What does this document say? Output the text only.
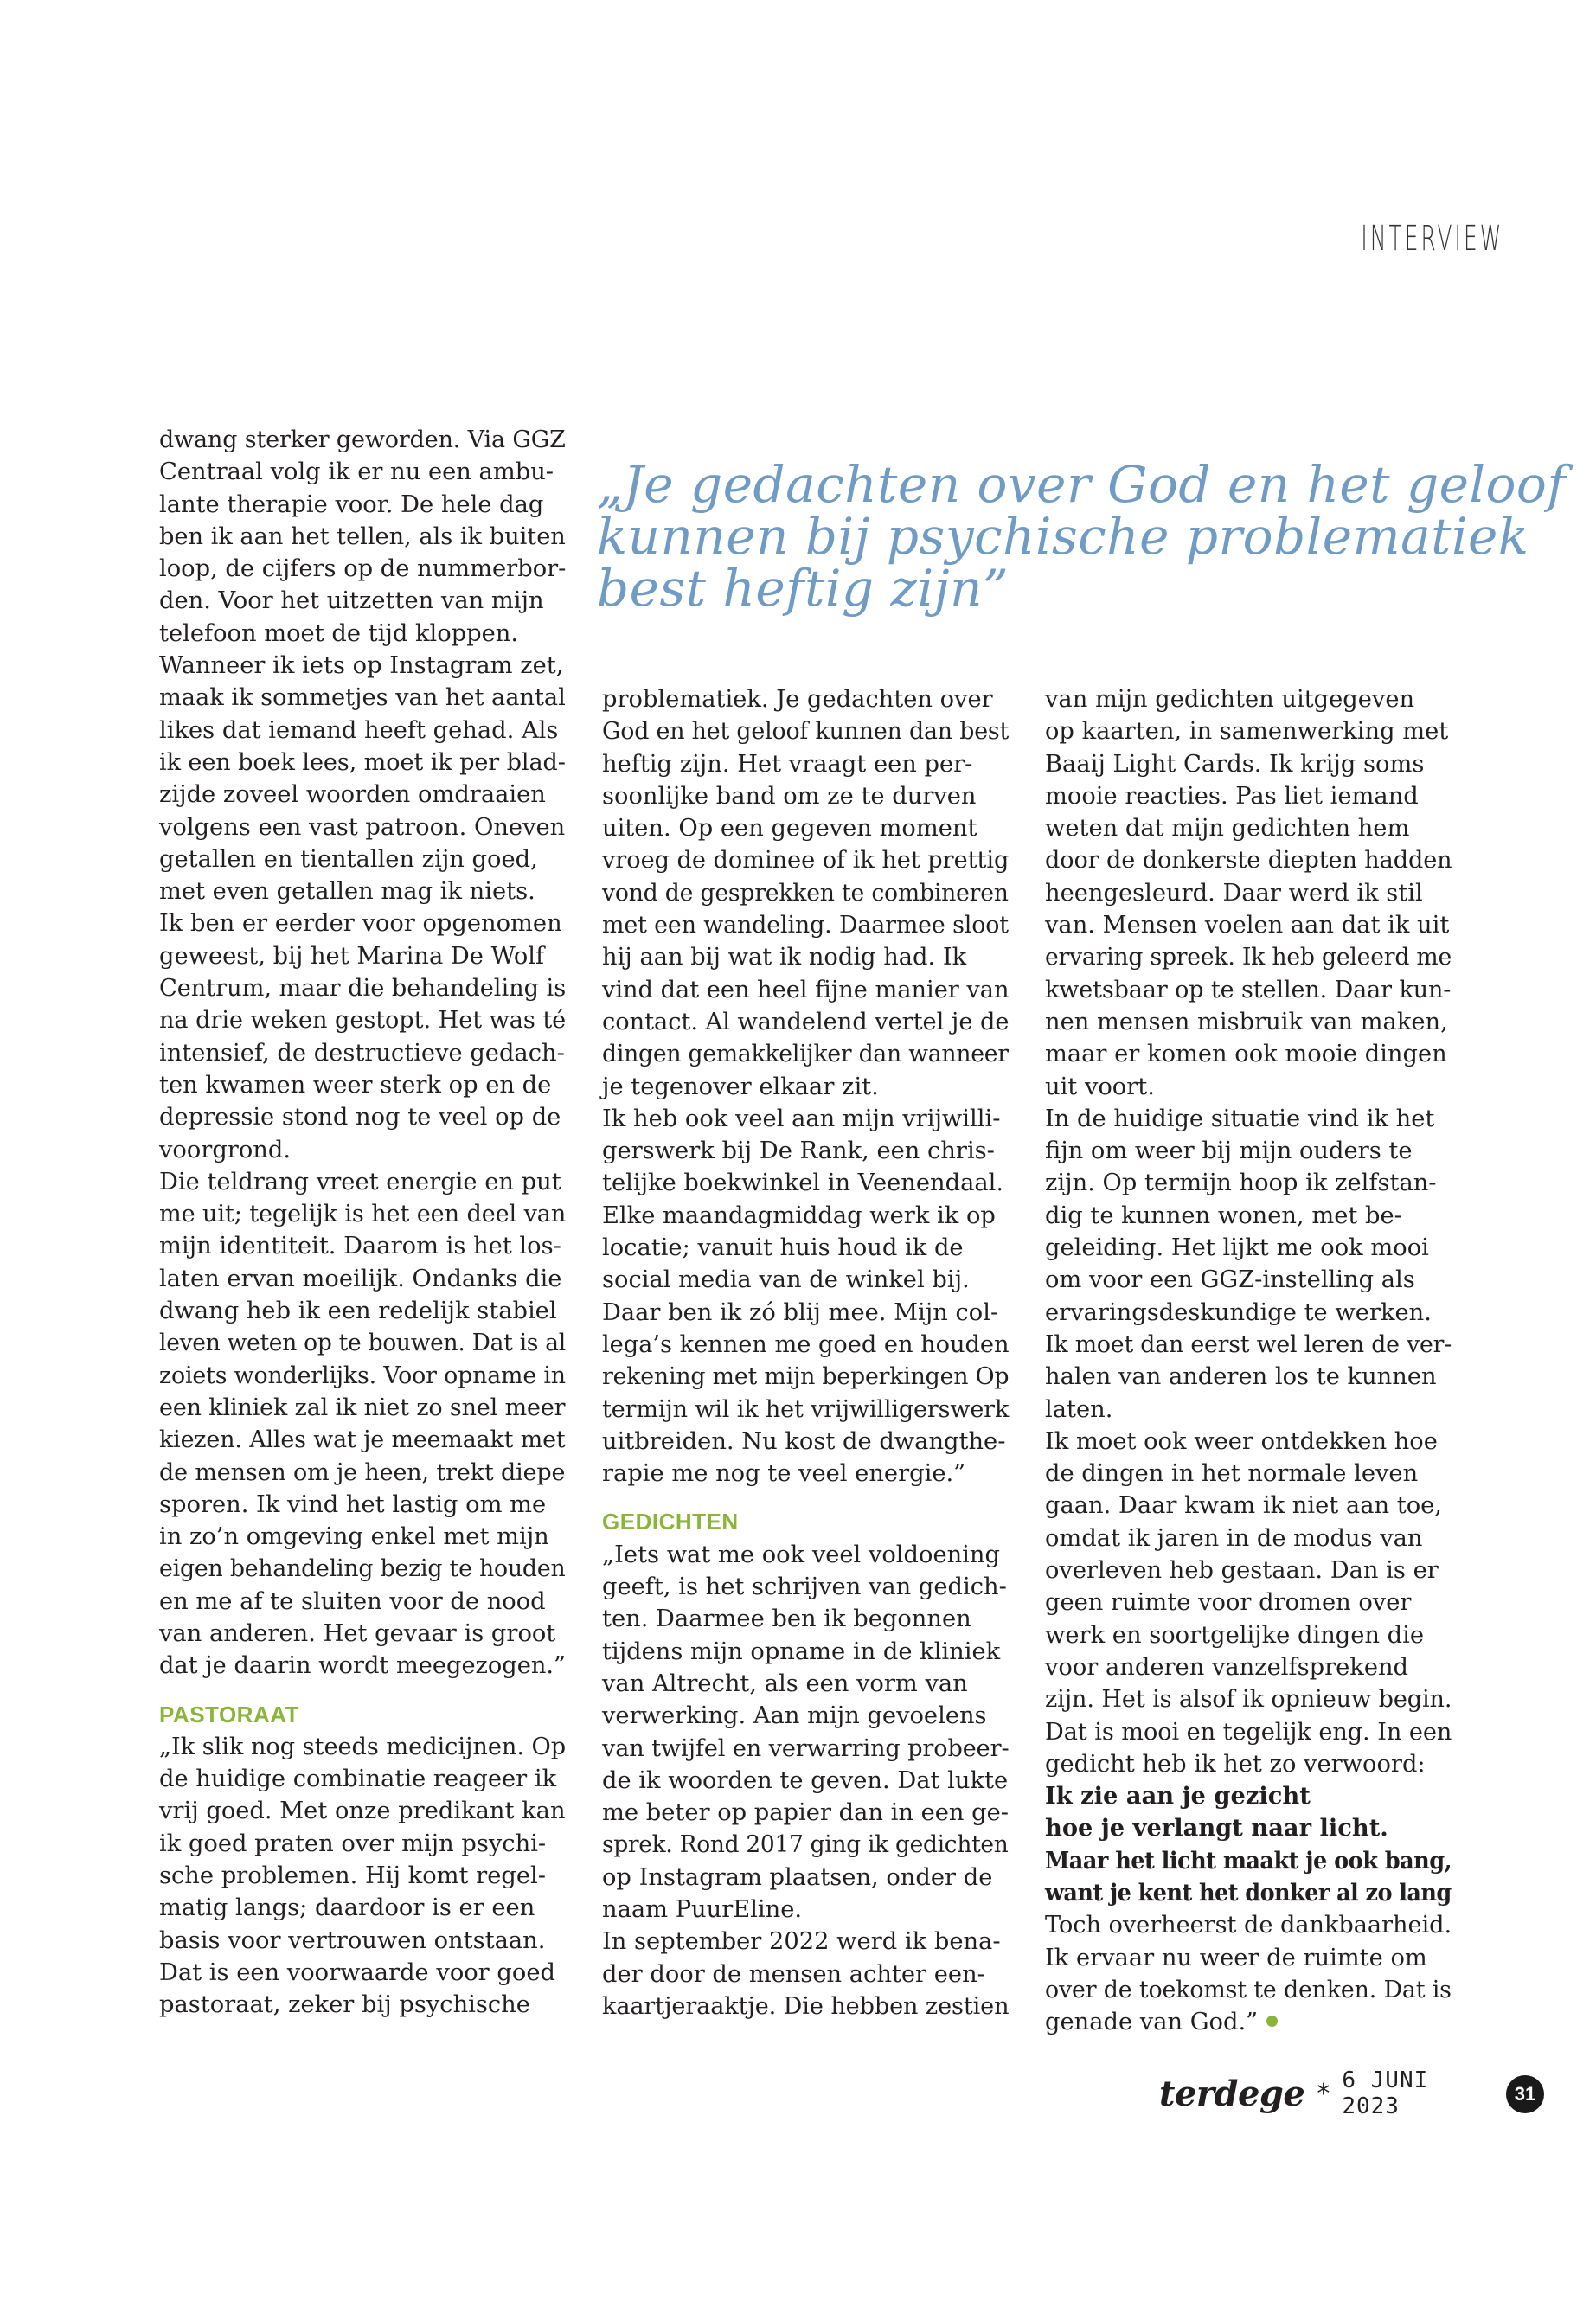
INTERVIEW
„Je gedachten over God en het geloof
kunnen bij psychische problematiek
best heftig zijn”

dwang sterker geworden. Via GGZ

Centraal volg ik er nu een ambu-

lante therapie voor. De hele dag

ben ik aan het tellen, als ik buiten

loop, de cijfers op de nummerbor-

den. Voor het uitzetten van mijn

telefoon moet de tijd kloppen.

Wanneer ik iets op Instagram zet,

maak ik sommetjes van het aantal

likes dat iemand heeft gehad. Als

ik een boek lees, moet ik per blad-

zijde zoveel woorden omdraaien

volgens een vast patroon. Oneven

getallen en tientallen zijn goed,

met even getallen mag ik niets.

Ik ben er eerder voor opgenomen

geweest, bij het Marina De Wolf

Centrum, maar die behandeling is

na drie weken gestopt. Het was té

intensief, de destructieve gedach-

ten kwamen weer sterk op en de

depressie stond nog te veel op de

voorgrond.

Die teldrang vreet energie en put

me uit; tegelijk is het een deel van

mijn identiteit. Daarom is het los-

laten ervan moeilijk. Ondanks die

dwang heb ik een redelijk stabiel

leven weten op te bouwen. Dat is al

zoiets wonderlijks. Voor opname in

een kliniek zal ik niet zo snel meer

kiezen. Alles wat je meemaakt met

de mensen om je heen, trekt diepe

sporen. Ik vind het lastig om me

in zo’n omgeving enkel met mijn

eigen behandeling bezig te houden

en me af te sluiten voor de nood

van anderen. Het gevaar is groot

dat je daarin wordt meegezogen.”

PASTORAAT

„Ik slik nog steeds medicijnen. Op

de huidige combinatie reageer ik

vrij goed. Met onze predikant kan

ik goed praten over mijn psychi-

sche problemen. Hij komt regel-

matig langs; daardoor is er een

basis voor vertrouwen ontstaan.

Dat is een voorwaarde voor goed

pastoraat, zeker bij psychische

problematiek. Je gedachten over

God en het geloof kunnen dan best

heftig zijn. Het vraagt een per-

soonlijke band om ze te durven

uiten. Op een gegeven moment

vroeg de dominee of ik het prettig

vond de gesprekken te combineren

met een wandeling. Daarmee sloot

hij aan bij wat ik nodig had. Ik

vind dat een heel fijne manier van

contact. Al wandelend vertel je de

dingen gemakkelijker dan wanneer

je tegenover elkaar zit.

Ik heb ook veel aan mijn vrijwilli-

gerswerk bij De Rank, een chris-

telijke boekwinkel in Veenendaal.

Elke maandagmiddag werk ik op

locatie; vanuit huis houd ik de

social media van de winkel bij.

Daar ben ik zó blij mee. Mijn col-

lega’s kennen me goed en houden

rekening met mijn beperkingen Op

termijn wil ik het vrijwilligerswerk

uitbreiden. Nu kost de dwangthe-

rapie me nog te veel energie.”

GEDICHTEN

„Iets wat me ook veel voldoening

geeft, is het schrijven van gedich-

ten. Daarmee ben ik begonnen

tijdens mijn opname in de kliniek

van Altrecht, als een vorm van

verwerking. Aan mijn gevoelens

van twijfel en verwarring probeer-

de ik woorden te geven. Dat lukte

me beter op papier dan in een ge-

sprek. Rond 2017 ging ik gedichten

op Instagram plaatsen, onder de

naam PuurEline.

In september 2022 werd ik bena-

der door de mensen achter een-

kaartjeraaktje. Die hebben zestien

van mijn gedichten uitgegeven

op kaarten, in samenwerking met

Baaij Light Cards. Ik krijg soms

mooie reacties. Pas liet iemand

weten dat mijn gedichten hem

door de donkerste diepten hadden

heengesleurd. Daar werd ik stil

van. Mensen voelen aan dat ik uit

ervaring spreek. Ik heb geleerd me

kwetsbaar op te stellen. Daar kun-

nen mensen misbruik van maken,

maar er komen ook mooie dingen

uit voort.

In de huidige situatie vind ik het

fijn om weer bij mijn ouders te

zijn. Op termijn hoop ik zelfstan-

dig te kunnen wonen, met be-

geleiding. Het lijkt me ook mooi

om voor een GGZ-instelling als

ervaringsdeskundige te werken.

Ik moet dan eerst wel leren de ver-

halen van anderen los te kunnen

laten.

Ik moet ook weer ontdekken hoe

de dingen in het normale leven

gaan. Daar kwam ik niet aan toe,

omdat ik jaren in de modus van

overleven heb gestaan. Dan is er

geen ruimte voor dromen over

werk en soortgelijke dingen die

voor anderen vanzelfsprekend

zijn. Het is alsof ik opnieuw begin.

Dat is mooi en tegelijk eng. In een

gedicht heb ik het zo verwoord:

Ik zie aan je gezicht

hoe je verlangt naar licht.

Maar het licht maakt je ook bang,

want je kent het donker al zo lang

Toch overheerst de dankbaarheid.

Ik ervaar nu weer de ruimte om

over de toekomst te denken. Dat is

genade van God.”

terdege * 6 JUNI 2023	31
